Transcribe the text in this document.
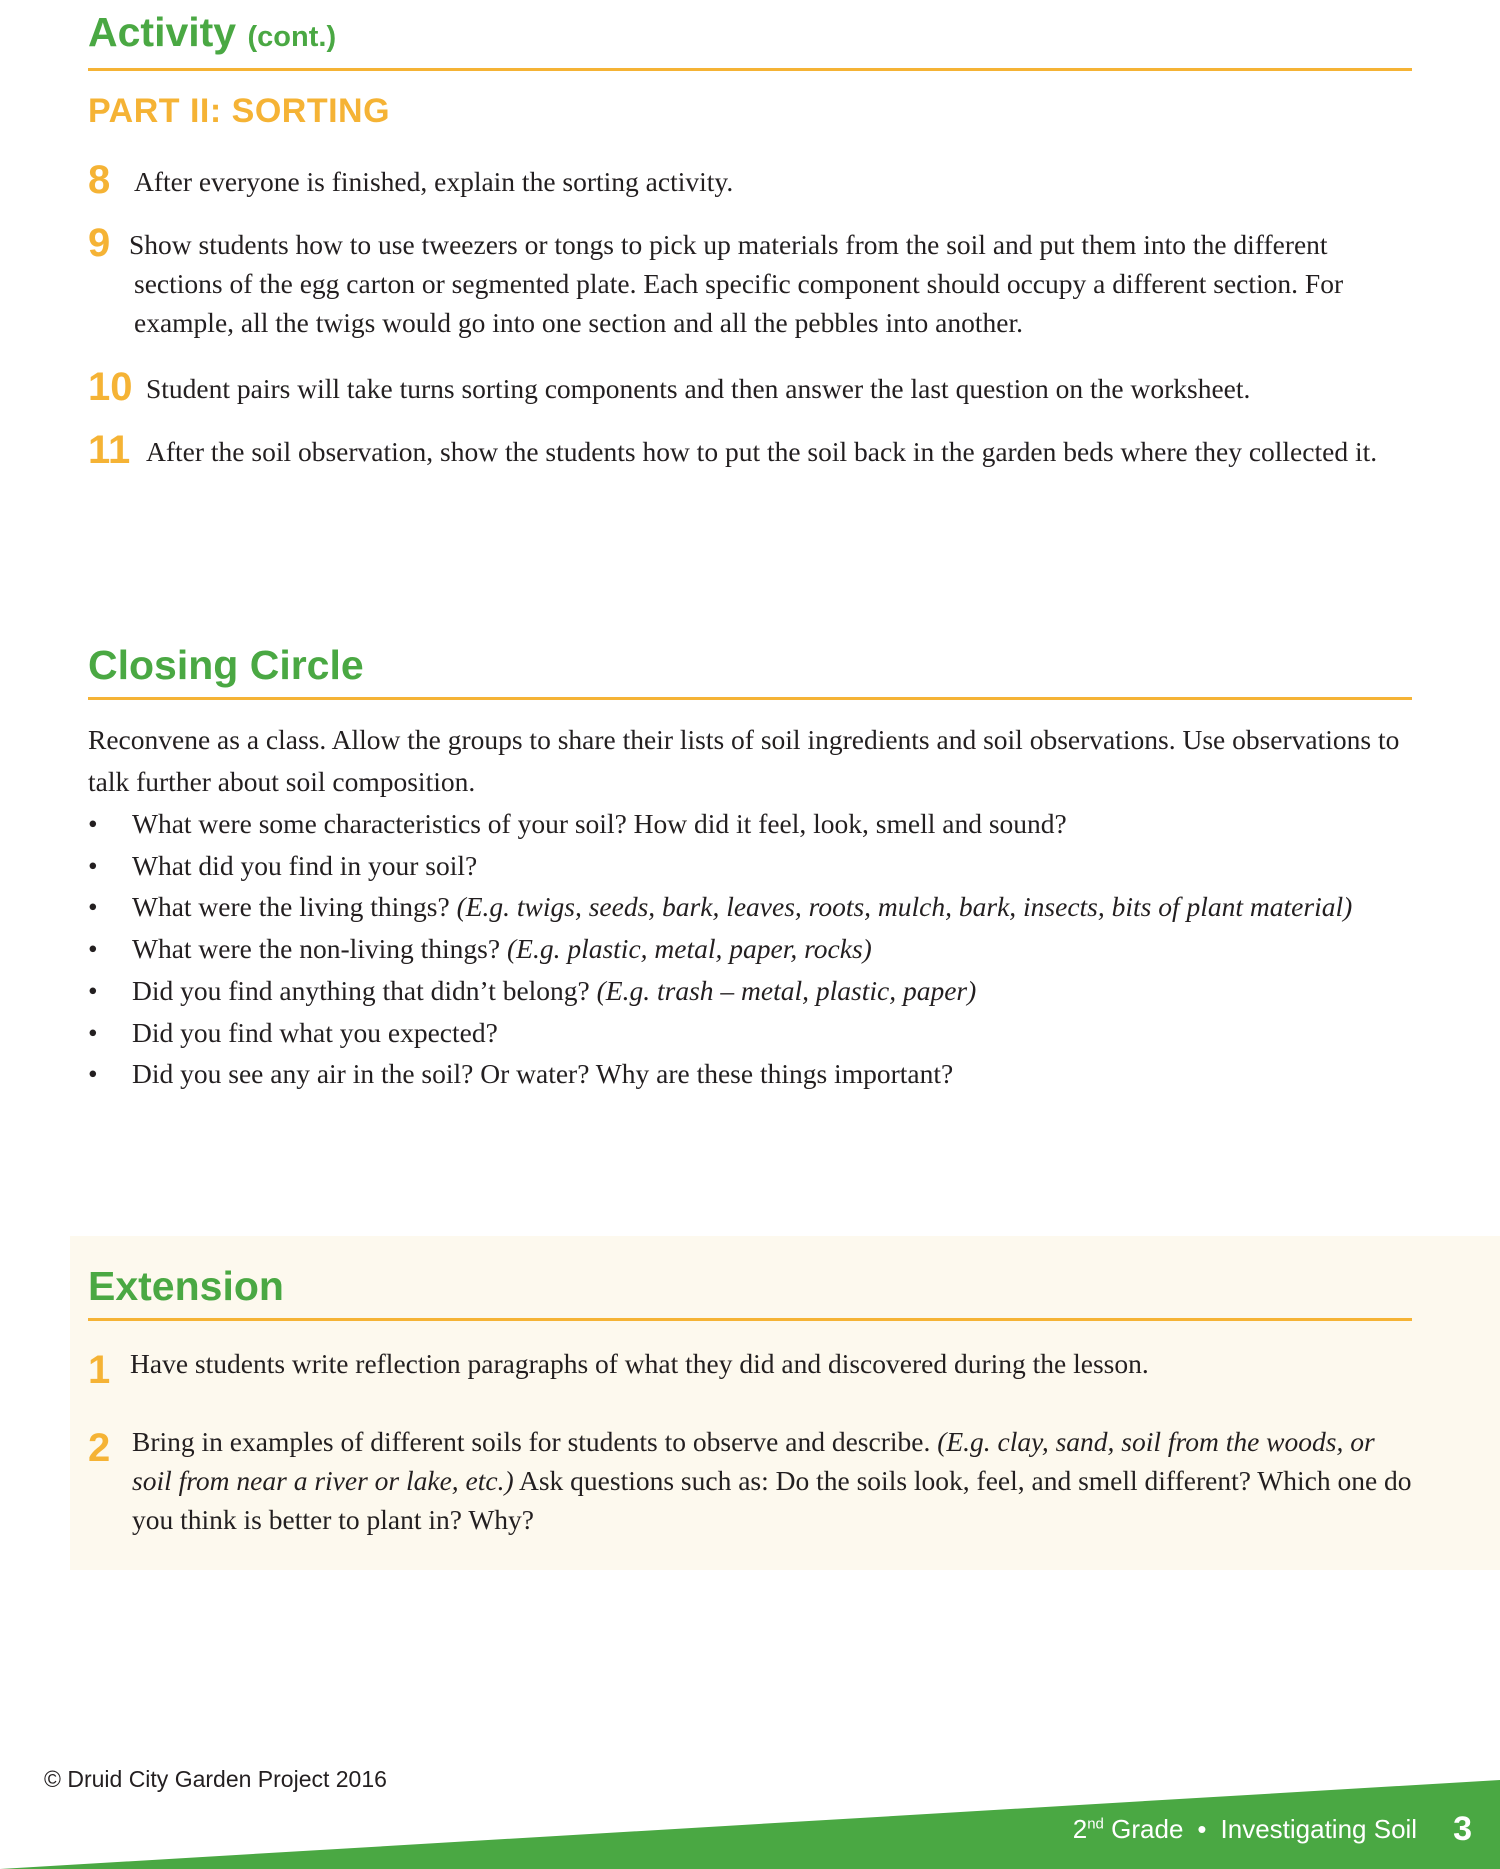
Activity (cont.)
PART II: SORTING
8 After everyone is finished, explain the sorting activity.
9 Show students how to use tweezers or tongs to pick up materials from the soil and put them into the different sections of the egg carton or segmented plate. Each specific component should occupy a different section. For example, all the twigs would go into one section and all the pebbles into another.
10 Student pairs will take turns sorting components and then answer the last question on the worksheet.
11 After the soil observation, show the students how to put the soil back in the garden beds where they collected it.
Closing Circle

Reconvene as a class. Allow the groups to share their lists of soil ingredients and soil observations. Use observations to talk further about soil composition.

• What were some characteristics of your soil? How did it feel, look, smell and sound?
• What did you find in your soil?
• What were the living things? (E.g. twigs, seeds, bark, leaves, roots, mulch, bark, insects, bits of plant material)
• What were the non-living things? (E.g. plastic, metal, paper, rocks)
• Did you find anything that didn’t belong? (E.g. trash – metal, plastic, paper)
• Did you find what you expected?
• Did you see any air in the soil? Or water? Why are these things important?
Extension
1 Have students write reflection paragraphs of what they did and discovered during the lesson.
2 Bring in examples of different soils for students to observe and describe. (E.g. clay, sand, soil from the woods, or soil from near a river or lake, etc.) Ask questions such as: Do the soils look, feel, and smell different? Which one do you think is better to plant in? Why?
© Druid City Garden Project 2016
2nd Grade • Investigating Soil 3
